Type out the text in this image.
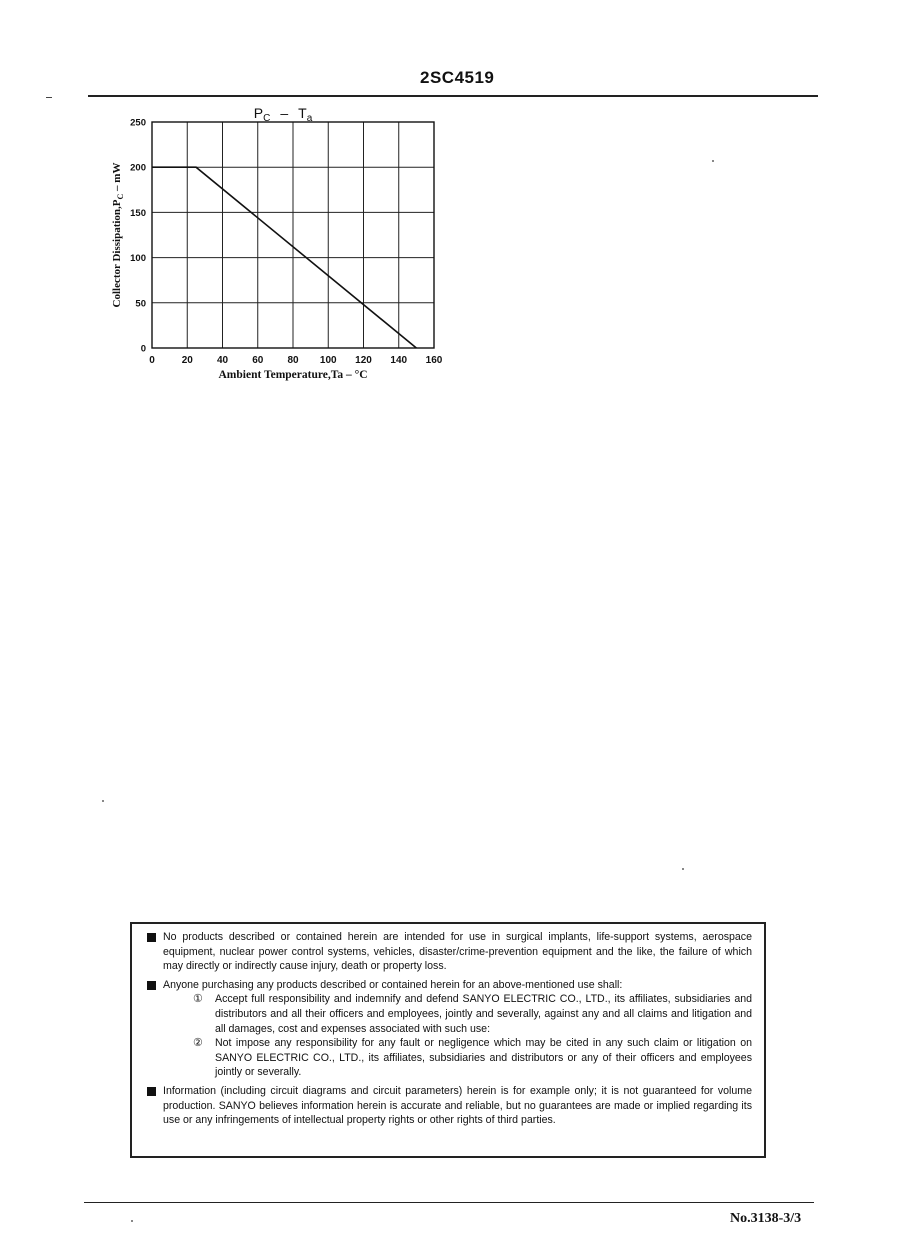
2SC4519
0	20 40 60 80 100 120 140 160
0
50
100
150
200
250
$P_C - T_a$
Ambient Temperature,Ta – °C
Collector $Dissipation,P_C$ – mW
No products described or contained herein are intended for use in surgical implants, life-support systems, aerospace equipment, nuclear power control systems, vehicles, disaster/crime-prevention equipment and the like, the failure of which may directly or indirectly cause injury, death or property loss.
Anyone purchasing any products described or contained herein for an above-mentioned use shall:
①	Accept full responsibility and indemnify and defend SANYO ELECTRIC CO., LTD., its affiliates, subsidiaries and distributors and all their officers and employees, jointly and severally, against any and all claims and litigation and all damages, cost and expenses associated with such use:
②	Not impose any responsibility for any fault or negligence which may be cited in any such claim or litigation on SANYO ELECTRIC CO., LTD., its affiliates, subsidiaries and distributors or any of their officers and employees jointly or severally.
Information (including circuit diagrams and circuit parameters) herein is for example only; it is not guaranteed for volume production. SANYO believes information herein is accurate and reliable, but no guarantees are made or implied regarding its use or any infringements of intellectual property rights or other rights of third parties.
No.3138-3/3
